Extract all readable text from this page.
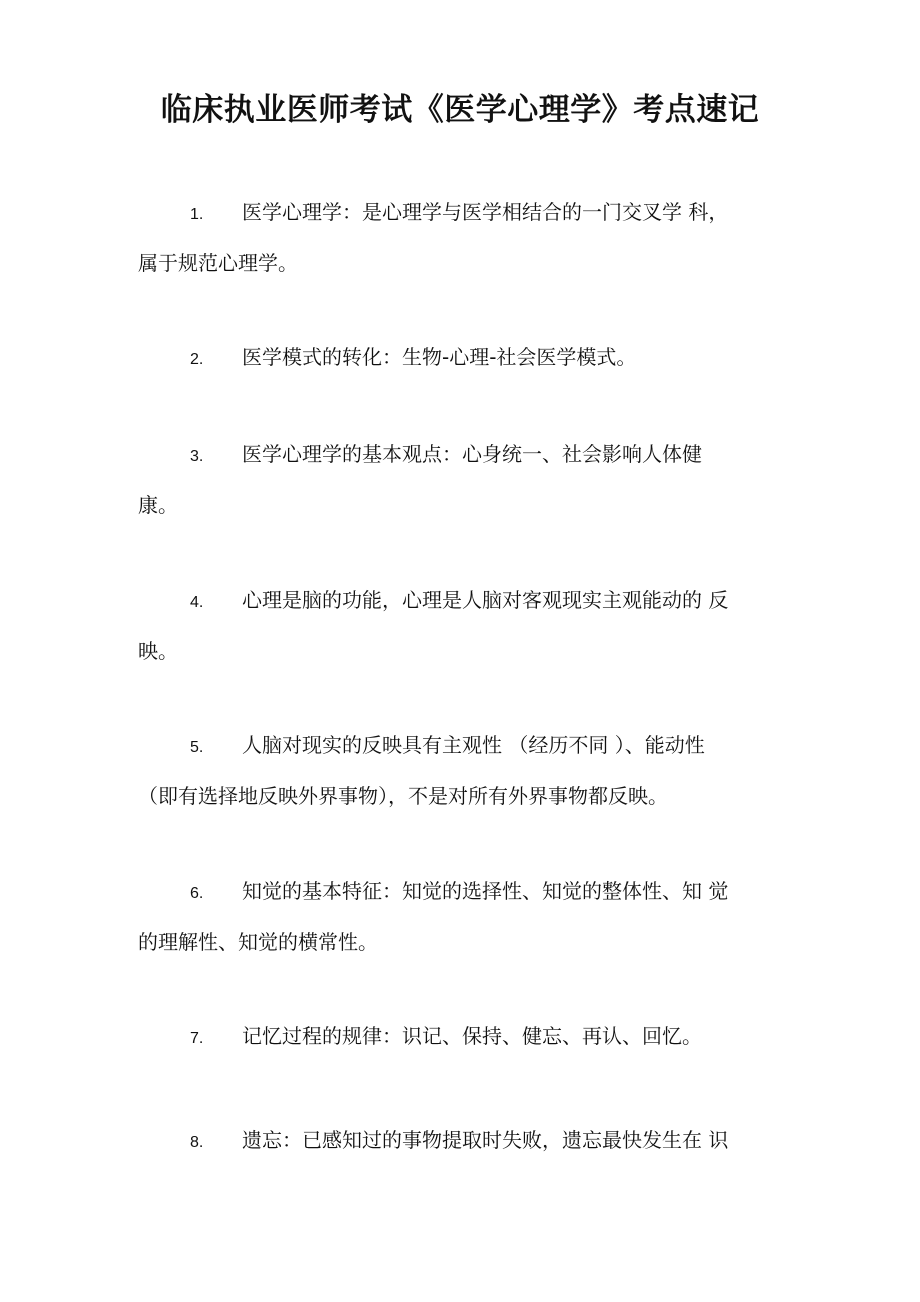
临床执业医师考试《医学心理学》考点速记

1. 医学心理学：是心理学与医学相结合的一门交叉学 科，
属于规范心理学。

2. 医学模式的转化：生物-心理-社会医学模式。

3. 医学心理学的基本观点：心身统一、社会影响人体健
康。

4. 心理是脑的功能，心理是人脑对客观现实主观能动的 反
映。

5. 人脑对现实的反映具有主观性 （经历不同 ）、能动性
（即有选择地反映外界事物），不是对所有外界事物都反映。

6. 知觉的基本特征：知觉的选择性、知觉的整体性、知 觉
的理解性、知觉的横常性。

7. 记忆过程的规律：识记、保持、健忘、再认、回忆。

8. 遗忘：已感知过的事物提取时失败，遗忘最快发生在 识
